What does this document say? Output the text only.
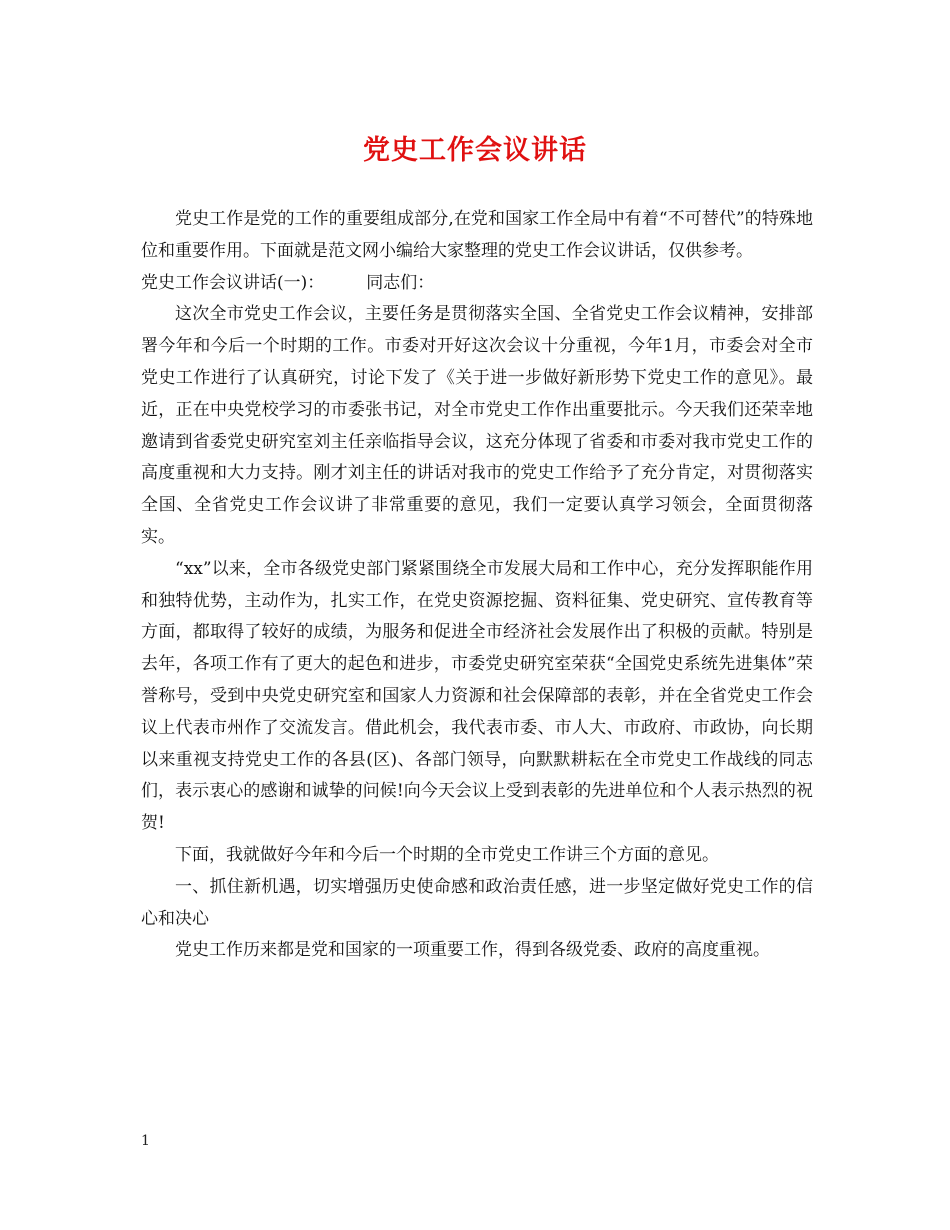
党史工作会议讲话

党史工作是党的工作的重要组成部分,在党和国家工作全局中有着“不可替代”的特殊地位和重要作用。下面就是范文网小编给大家整理的党史工作会议讲话，仅供参考。

党史工作会议讲话(一)： 同志们：

这次全市党史工作会议，主要任务是贯彻落实全国、全省党史工作会议精神，安排部署今年和今后一个时期的工作。市委对开好这次会议十分重视，今年1月，市委会对全市党史工作进行了认真研究，讨论下发了《关于进一步做好新形势下党史工作的意见》。最近，正在中央党校学习的市委张书记，对全市党史工作作出重要批示。今天我们还荣幸地邀请到省委党史研究室刘主任亲临指导会议，这充分体现了省委和市委对我市党史工作的高度重视和大力支持。刚才刘主任的讲话对我市的党史工作给予了充分肯定，对贯彻落实全国、全省党史工作会议讲了非常重要的意见，我们一定要认真学习领会，全面贯彻落实。

“xx”以来，全市各级党史部门紧紧围绕全市发展大局和工作中心，充分发挥职能作用和独特优势，主动作为，扎实工作，在党史资源挖掘、资料征集、党史研究、宣传教育等方面，都取得了较好的成绩，为服务和促进全市经济社会发展作出了积极的贡献。特别是去年，各项工作有了更大的起色和进步，市委党史研究室荣获“全国党史系统先进集体”荣誉称号，受到中央党史研究室和国家人力资源和社会保障部的表彰，并在全省党史工作会议上代表市州作了交流发言。借此机会，我代表市委、市人大、市政府、市政协，向长期以来重视支持党史工作的各县(区)、各部门领导，向默默耕耘在全市党史工作战线的同志们，表示衷心的感谢和诚挚的问候!向今天会议上受到表彰的先进单位和个人表示热烈的祝贺!

下面，我就做好今年和今后一个时期的全市党史工作讲三个方面的意见。

一、抓住新机遇，切实增强历史使命感和政治责任感，进一步坚定做好党史工作的信心和决心

党史工作历来都是党和国家的一项重要工作，得到各级党委、政府的高度重视。

1
